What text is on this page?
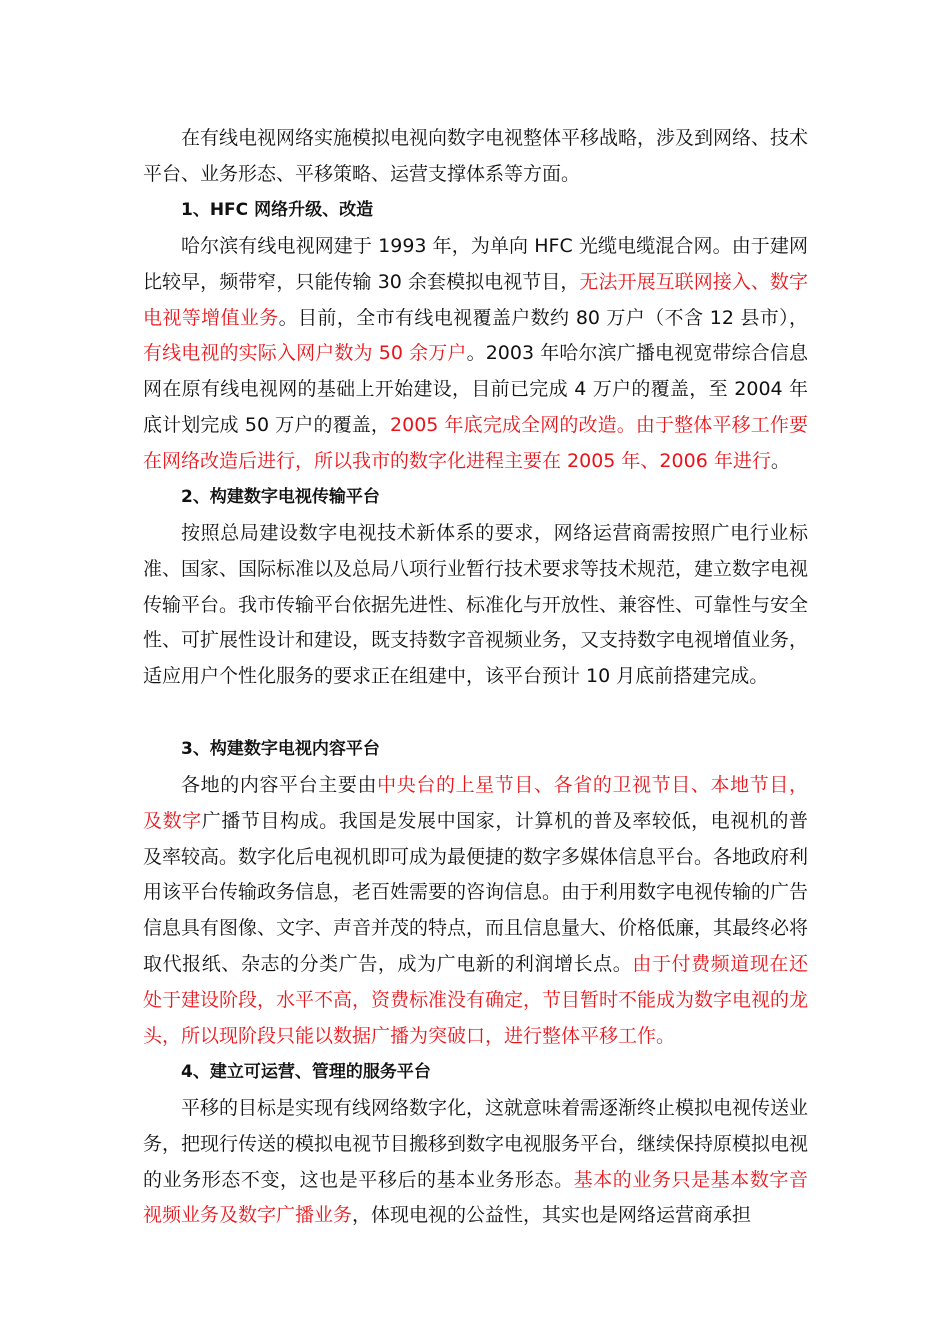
在有线电视网络实施模拟电视向数字电视整体平移战略，涉及到网络、技术平台、业务形态、平移策略、运营支撑体系等方面。

1、HFC 网络升级、改造

哈尔滨有线电视网建于 1993 年，为单向 HFC 光缆电缆混合网。由于建网比较早，频带窄，只能传输 30 余套模拟电视节目，无法开展互联网接入、数字电视等增值业务。目前，全市有线电视覆盖户数约 80 万户（不含 12 县市），有线电视的实际入网户数为 50 余万户。2003 年哈尔滨广播电视宽带综合信息网在原有线电视网的基础上开始建设，目前已完成 4 万户的覆盖，至 2004 年底计划完成 50 万户的覆盖，2005 年底完成全网的改造。由于整体平移工作要在网络改造后进行，所以我市的数字化进程主要在 2005 年、2006 年进行。

2、构建数字电视传输平台

按照总局建设数字电视技术新体系的要求，网络运营商需按照广电行业标准、国家、国际标准以及总局八项行业暂行技术要求等技术规范，建立数字电视传输平台。我市传输平台依据先进性、标准化与开放性、兼容性、可靠性与安全性、可扩展性设计和建设，既支持数字音视频业务，又支持数字电视增值业务，适应用户个性化服务的要求正在组建中，该平台预计 10 月底前搭建完成。

3、构建数字电视内容平台

各地的内容平台主要由中央台的上星节目、各省的卫视节目、本地节目，及数字广播节目构成。我国是发展中国家，计算机的普及率较低，电视机的普及率较高。数字化后电视机即可成为最便捷的数字多媒体信息平台。各地政府利用该平台传输政务信息，老百姓需要的咨询信息。由于利用数字电视传输的广告信息具有图像、文字、声音并茂的特点，而且信息量大、价格低廉，其最终必将取代报纸、杂志的分类广告，成为广电新的利润增长点。由于付费频道现在还处于建设阶段，水平不高，资费标准没有确定，节目暂时不能成为数字电视的龙头，所以现阶段只能以数据广播为突破口，进行整体平移工作。

4、建立可运营、管理的服务平台

平移的目标是实现有线网络数字化，这就意味着需逐渐终止模拟电视传送业务，把现行传送的模拟电视节目搬移到数字电视服务平台，继续保持原模拟电视的业务形态不变，这也是平移后的基本业务形态。基本的业务只是基本数字音视频业务及数字广播业务，体现电视的公益性，其实也是网络运营商承担
